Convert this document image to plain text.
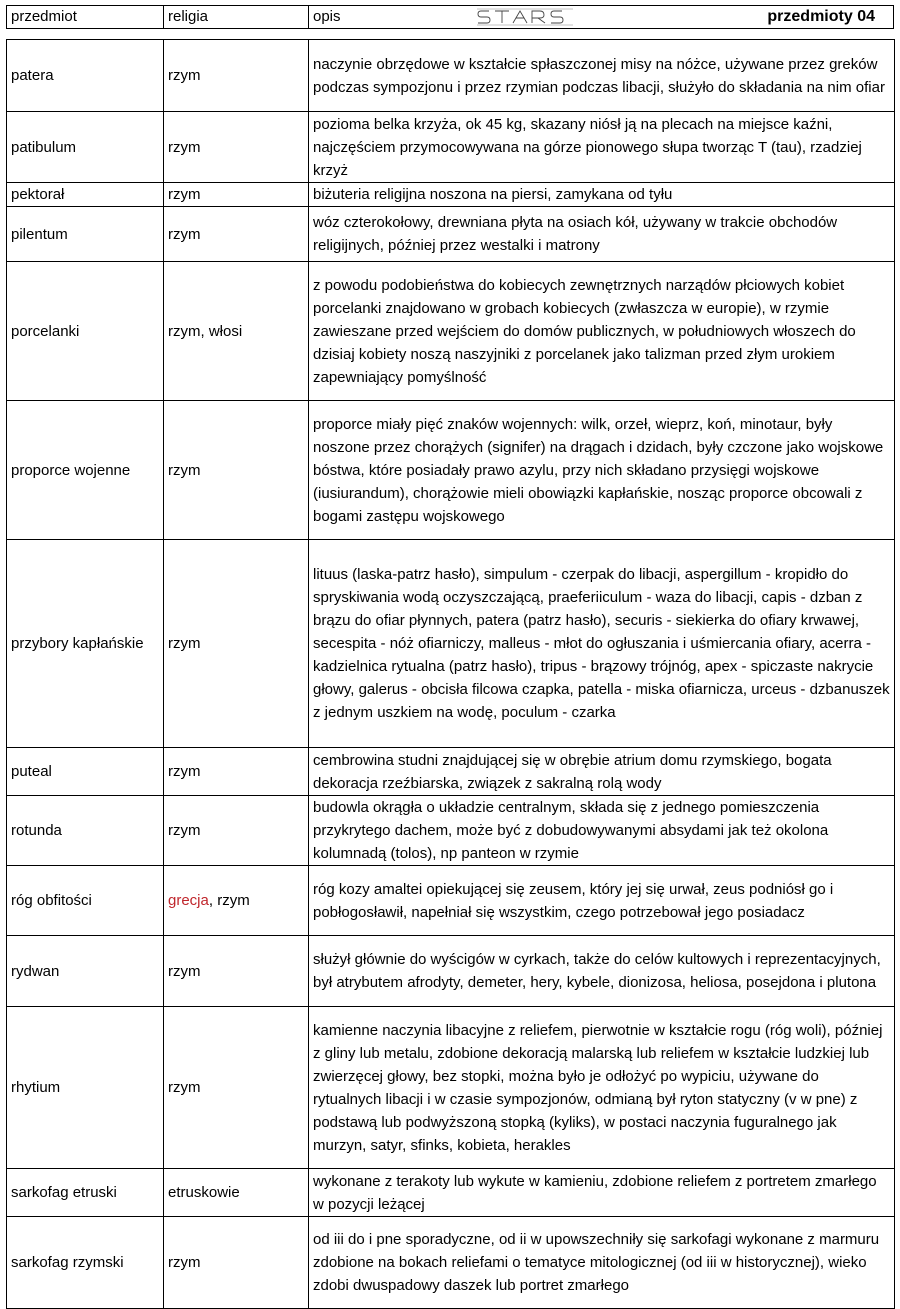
przedmiot	religia	opis	przedmioty 04
patera	rzym	naczynie obrzędowe w kształcie spłaszczonej misy na nóżce, używane przez greków podczas sympozjonu i przez rzymian podczas libacji, służyło do składania na nim ofiar
patibulum	rzym	pozioma belka krzyża, ok 45 kg, skazany niósł ją na plecach na miejsce kaźni, najczęściem przymocowywana na górze pionowego słupa tworząc T (tau), rzadziej krzyż
pektorał	rzym	biżuteria religijna noszona na piersi, zamykana od tyłu
pilentum	rzym	wóz czterokołowy, drewniana płyta na osiach kół, używany w trakcie obchodów religijnych, później przez westalki i matrony
porcelanki	rzym, włosi	z powodu podobieństwa do kobiecych zewnętrznych narządów płciowych kobiet porcelanki znajdowano w grobach kobiecych (zwłaszcza w europie), w rzymie zawieszane przed wejściem do domów publicznych, w południowych włoszech do dzisiaj kobiety noszą naszyjniki z porcelanek jako talizman przed złym urokiem zapewniający pomyślność
proporce wojenne	rzym	proporce miały pięć znaków wojennych: wilk, orzeł, wieprz, koń, minotaur, były noszone przez chorążych (signifer) na drągach i dzidach, były czczone jako wojskowe bóstwa, które posiadały prawo azylu, przy nich składano przysięgi wojskowe (iusiurandum), chorążowie mieli obowiązki kapłańskie, nosząc proporce obcowali z bogami zastępu wojskowego
przybory kapłańskie	rzym	lituus (laska-patrz hasło), simpulum - czerpak do libacji, aspergillum - kropidło do spryskiwania wodą oczyszczającą, praeferiiculum - waza do libacji, capis - dzban z brązu do ofiar płynnych, patera (patrz hasło), securis - siekierka do ofiary krwawej, secespita - nóż ofiarniczy, malleus - młot do ogłuszania i uśmiercania ofiary, acerra - kadzielnica rytualna (patrz hasło), tripus - brązowy trójnóg, apex - spiczaste nakrycie głowy, galerus - obcisła filcowa czapka, patella - miska ofiarnicza, urceus - dzbanuszek z jednym uszkiem na wodę, poculum - czarka
puteal	rzym	cembrowina studni znajdującej się w obrębie atrium domu rzymskiego, bogata dekoracja rzeźbiarska, związek z sakralną rolą wody
rotunda	rzym	budowla okrągła o układzie centralnym, składa się z jednego pomieszczenia przykrytego dachem, może być z dobudowywanymi absydami jak też okolona kolumnadą (tolos), np panteon w rzymie
róg obfitości	grecja, rzym	róg kozy amaltei opiekującej się zeusem, który jej się urwał, zeus podniósł go i pobłogosławił, napełniał się wszystkim, czego potrzebował jego posiadacz
rydwan	rzym	służył głównie do wyścigów w cyrkach, także do celów kultowych i reprezentacyjnych, był atrybutem afrodyty, demeter, hery, kybele, dionizosa, heliosa, posejdona i plutona
rhytium	rzym	kamienne naczynia libacyjne z reliefem, pierwotnie w kształcie rogu (róg woli), później z gliny lub metalu, zdobione dekoracją malarską lub reliefem w kształcie ludzkiej lub zwierzęcej głowy, bez stopki, można było je odłożyć po wypiciu, używane do rytualnych libacji i w czasie sympozjonów, odmianą był ryton statyczny (v w pne) z podstawą lub podwyższoną stopką (kyliks), w postaci naczynia fuguralnego jak murzyn, satyr, sfinks, kobieta, herakles
sarkofag etruski	etruskowie	wykonane z terakoty lub wykute w kamieniu, zdobione reliefem z portretem zmarłego w pozycji leżącej
sarkofag rzymski	rzym	od iii do i pne sporadyczne, od ii w upowszechniły się sarkofagi wykonane z marmuru zdobione na bokach reliefami o tematyce mitologicznej (od iii w historycznej), wieko zdobi dwuspadowy daszek lub portret zmarłego
